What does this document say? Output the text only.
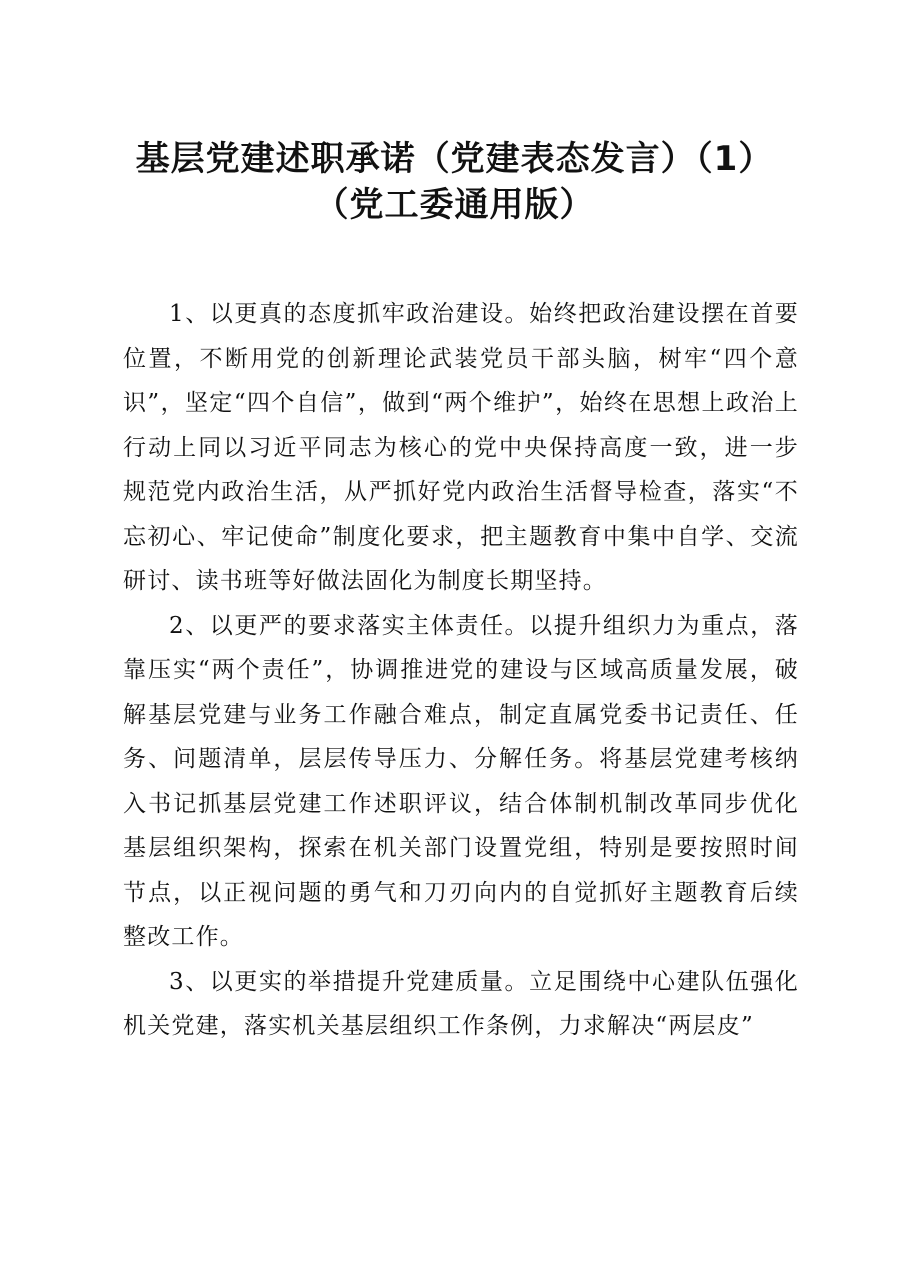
基层党建述职承诺（党建表态发言）（1）
（党工委通用版）

1、以更真的态度抓牢政治建设。始终把政治建设摆在首要位置，不断用党的创新理论武装党员干部头脑，树牢“四个意识”，坚定“四个自信”，做到“两个维护”，始终在思想上政治上行动上同以习近平同志为核心的党中央保持高度一致，进一步规范党内政治生活，从严抓好党内政治生活督导检查，落实“不忘初心、牢记使命”制度化要求，把主题教育中集中自学、交流研讨、读书班等好做法固化为制度长期坚持。

2、以更严的要求落实主体责任。以提升组织力为重点，落靠压实“两个责任”，协调推进党的建设与区域高质量发展，破解基层党建与业务工作融合难点，制定直属党委书记责任、任务、问题清单，层层传导压力、分解任务。将基层党建考核纳入书记抓基层党建工作述职评议，结合体制机制改革同步优化基层组织架构，探索在机关部门设置党组，特别是要按照时间节点，以正视问题的勇气和刀刃向内的自觉抓好主题教育后续整改工作。

3、以更实的举措提升党建质量。立足围绕中心建队伍强化机关党建，落实机关基层组织工作条例，力求解决“两层皮”
